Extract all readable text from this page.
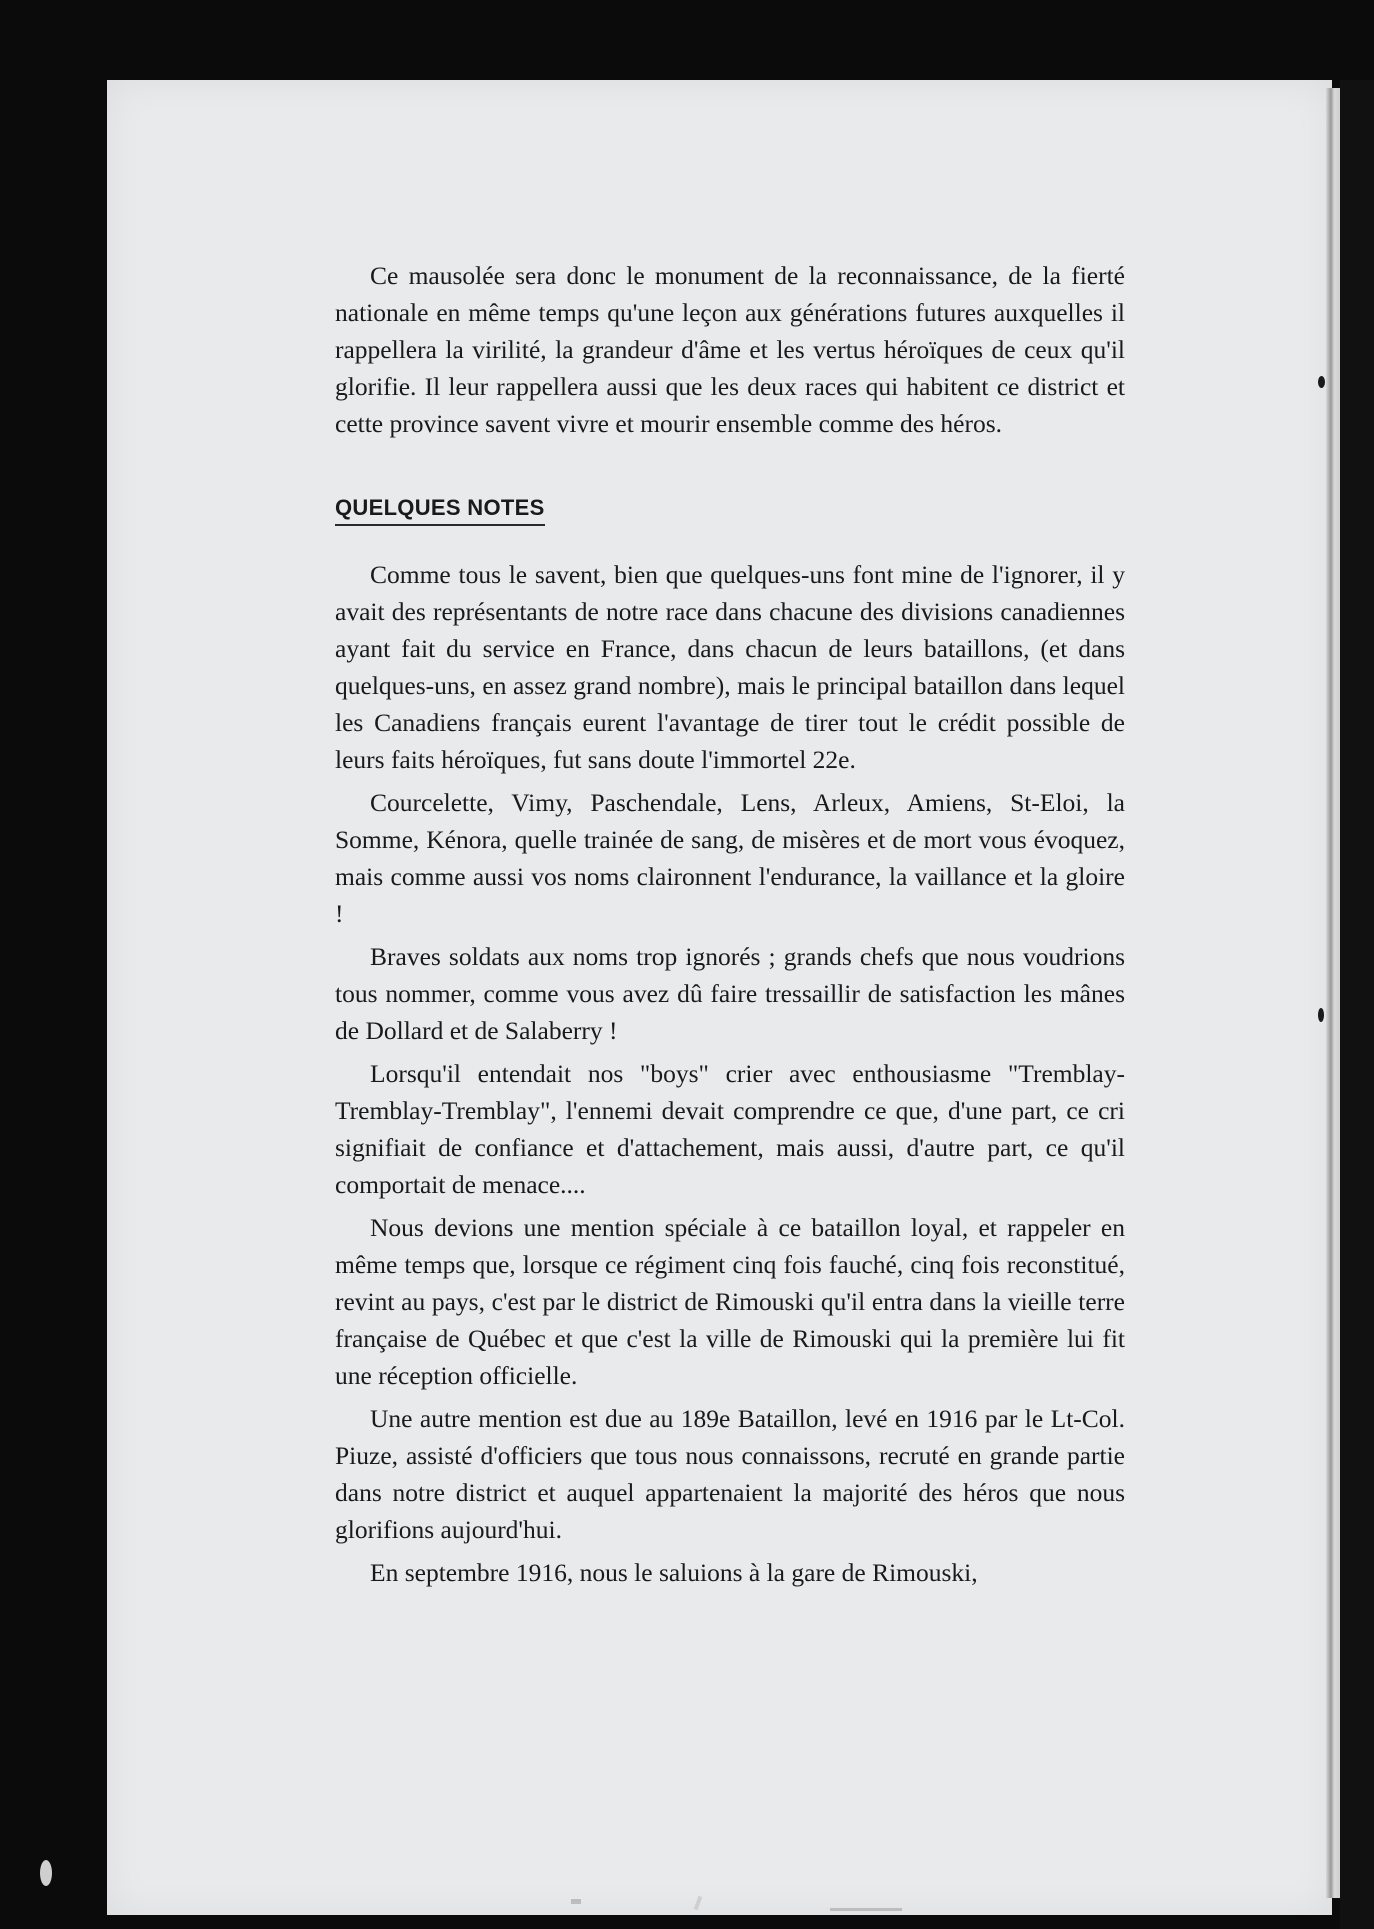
Ce mausolée sera donc le monument de la reconnaissance, de la fierté nationale en même temps qu'une leçon aux générations futures auxquelles il rappellera la virilité, la grandeur d'âme et les vertus héroïques de ceux qu'il glorifie. Il leur rappellera aussi que les deux races qui habitent ce district et cette province savent vivre et mourir ensemble comme des héros.

QUELQUES NOTES

Comme tous le savent, bien que quelques-uns font mine de l'ignorer, il y avait des représentants de notre race dans chacune des divisions canadiennes ayant fait du service en France, dans chacun de leurs bataillons, (et dans quelques-uns, en assez grand nombre), mais le principal bataillon dans lequel les Canadiens français eurent l'avantage de tirer tout le crédit possible de leurs faits héroïques, fut sans doute l'immortel 22e.

Courcelette, Vimy, Paschendale, Lens, Arleux, Amiens, St-Eloi, la Somme, Kénora, quelle trainée de sang, de misères et de mort vous évoquez, mais comme aussi vos noms claironnent l'endurance, la vaillance et la gloire !

Braves soldats aux noms trop ignorés ; grands chefs que nous voudrions tous nommer, comme vous avez dû faire tressaillir de satisfaction les mânes de Dollard et de Salaberry !

Lorsqu'il entendait nos "boys" crier avec enthousiasme "Tremblay-Tremblay-Tremblay", l'ennemi devait comprendre ce que, d'une part, ce cri signifiait de confiance et d'attachement, mais aussi, d'autre part, ce qu'il comportait de menace....

Nous devions une mention spéciale à ce bataillon loyal, et rappeler en même temps que, lorsque ce régiment cinq fois fauché, cinq fois reconstitué, revint au pays, c'est par le district de Rimouski qu'il entra dans la vieille terre française de Québec et que c'est la ville de Rimouski qui la première lui fit une réception officielle.

Une autre mention est due au 189e Bataillon, levé en 1916 par le Lt-Col. Piuze, assisté d'officiers que tous nous connaissons, recruté en grande partie dans notre district et auquel appartenaient la majorité des héros que nous glorifions aujourd'hui.

En septembre 1916, nous le saluions à la gare de Rimouski,
